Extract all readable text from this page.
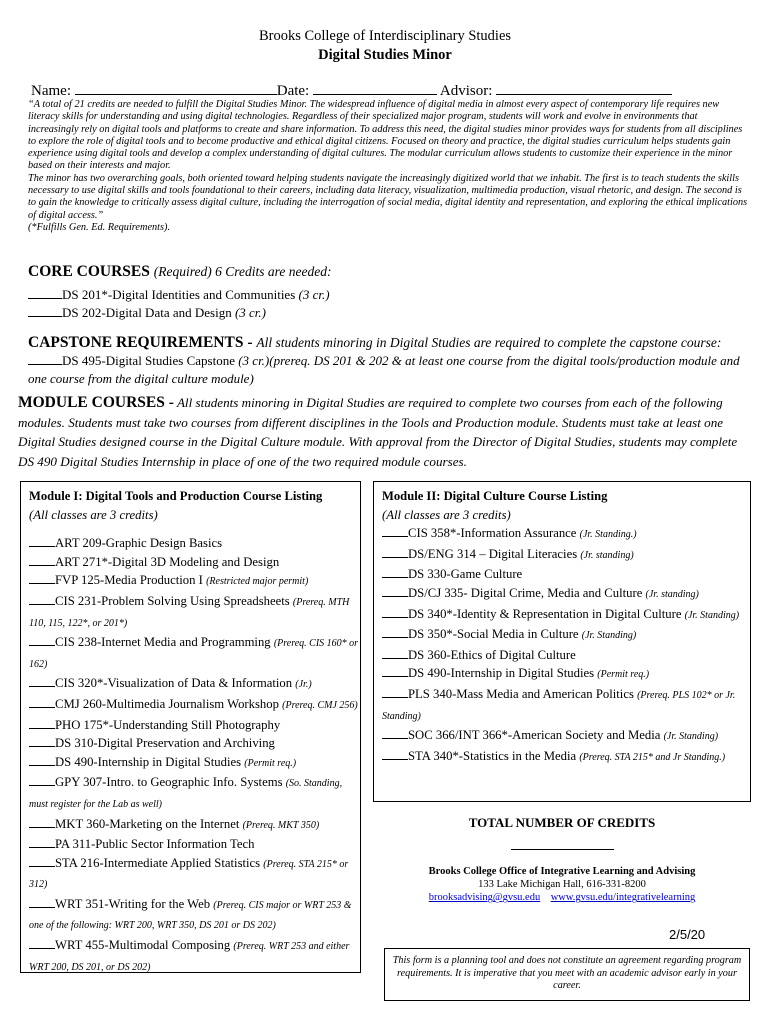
Brooks College of Interdisciplinary Studies
Digital Studies Minor
Name:	Date:	Advisor:
“A total of 21 credits are needed to fulfill the Digital Studies Minor. The widespread influence of digital media in almost every aspect of contemporary life requires new literacy skills for understanding and using digital technologies. Regardless of their specialized major program, students will work and evolve in environments that increasingly rely on digital tools and platforms to create and share information. To address this need, the digital studies minor provides ways for students from all disciplines to explore the role of digital tools and to become productive and ethical digital citizens. Focused on theory and practice, the digital studies curriculum helps students gain experience using digital tools and develop a complex understanding of digital cultures. The modular curriculum allows students to customize their experience in the minor based on their interests and major.
The minor has two overarching goals, both oriented toward helping students navigate the increasingly digitized world that we inhabit. The first is to teach students the skills necessary to use digital skills and tools foundational to their careers, including data literacy, visualization, multimedia production, visual rhetoric, and design. The second is to gain the knowledge to critically assess digital culture, including the interrogation of social media, digital identity and representation, and exploring the ethical implications of digital access.”
(*Fulfills Gen. Ed. Requirements).
CORE COURSES (Required) 6 Credits are needed:
DS 201*-Digital Identities and Communities (3 cr.)
DS 202-Digital Data and Design (3 cr.)
CAPSTONE REQUIREMENTS - All students minoring in Digital Studies are required to complete the capstone course:
DS 495-Digital Studies Capstone (3 cr.)(prereq. DS 201 & 202 & at least one course from the digital tools/production module and one course from the digital culture module)
MODULE COURSES - All students minoring in Digital Studies are required to complete two courses from each of the following modules. Students must take two courses from different disciplines in the Tools and Production module. Students must take at least one Digital Studies designed course in the Digital Culture module. With approval from the Director of Digital Studies, students may complete DS 490 Digital Studies Internship in place of one of the two required module courses.
Module I: Digital Tools and Production Course Listing
(All classes are 3 credits)
ART 209-Graphic Design Basics
ART 271*-Digital 3D Modeling and Design
FVP 125-Media Production I (Restricted major permit)
CIS 231-Problem Solving Using Spreadsheets (Prereq. MTH 110, 115, 122*, or 201*)
CIS 238-Internet Media and Programming (Prereq. CIS 160* or 162)
CIS 320*-Visualization of Data & Information (Jr.)
CMJ 260-Multimedia Journalism Workshop (Prereq. CMJ 256)
PHO 175*-Understanding Still Photography
DS 310-Digital Preservation and Archiving
DS 490-Internship in Digital Studies (Permit req.)
GPY 307-Intro. to Geographic Info. Systems (So. Standing, must register for the Lab as well)
MKT 360-Marketing on the Internet (Prereq. MKT 350)
PA 311-Public Sector Information Tech
STA 216-Intermediate Applied Statistics (Prereq. STA 215* or 312)
WRT 351-Writing for the Web (Prereq. CIS major or WRT 253 & one of the following: WRT 200, WRT 350, DS 201 or DS 202)
WRT 455-Multimodal Composing (Prereq. WRT 253 and either WRT 200, DS 201, or DS 202)
Module II: Digital Culture Course Listing
(All classes are 3 credits)
CIS 358*-Information Assurance (Jr. Standing.)
DS/ENG 314 – Digital Literacies (Jr. standing)
DS 330-Game Culture
DS/CJ 335- Digital Crime, Media and Culture (Jr. standing)
DS 340*-Identity & Representation in Digital Culture (Jr. Standing)
DS 350*-Social Media in Culture (Jr. Standing)
DS 360-Ethics of Digital Culture
DS 490-Internship in Digital Studies (Permit req.)
PLS 340-Mass Media and American Politics (Prereq. PLS 102* or Jr. Standing)
SOC 366/INT 366*-American Society and Media (Jr. Standing)
STA 340*-Statistics in the Media (Prereq. STA 215* and Jr Standing.)
TOTAL NUMBER OF CREDITS
Brooks College Office of Integrative Learning and Advising
133 Lake Michigan Hall, 616-331-8200
brooksadvising@gvsu.edu www.gvsu.edu/integrativelearning
2/5/20
This form is a planning tool and does not constitute an agreement regarding program requirements. It is imperative that you meet with an academic advisor early in your career.
